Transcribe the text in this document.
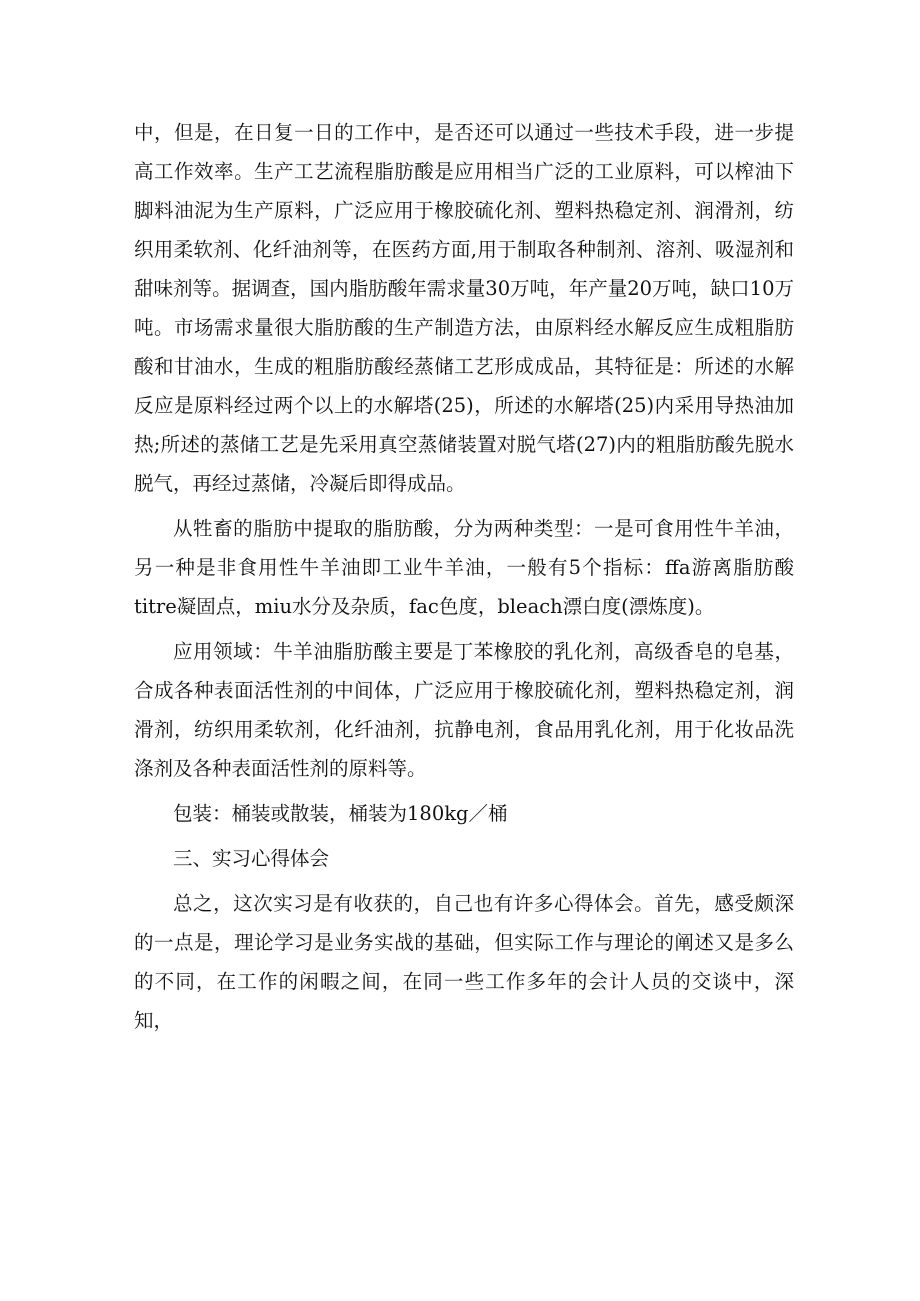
中，但是，在日复一日的工作中，是否还可以通过一些技术手段，进一步提高工作效率。生产工艺流程脂肪酸是应用相当广泛的工业原料，可以榨油下脚料油泥为生产原料，广泛应用于橡胶硫化剂、塑料热稳定剂、润滑剂，纺织用柔软剂、化纤油剂等，在医药方面,用于制取各种制剂、溶剂、吸湿剂和甜味剂等。据调查，国内脂肪酸年需求量30万吨，年产量20万吨，缺口10万吨。市场需求量很大脂肪酸的生产制造方法，由原料经水解反应生成粗脂肪酸和甘油水，生成的粗脂肪酸经蒸储工艺形成成品，其特征是：所述的水解反应是原料经过两个以上的水解塔(25)，所述的水解塔(25)内采用导热油加热;所述的蒸储工艺是先采用真空蒸储装置对脱气塔(27)内的粗脂肪酸先脱水脱气，再经过蒸储，冷凝后即得成品。

从牲畜的脂肪中提取的脂肪酸，分为两种类型：一是可食用性牛羊油，另一种是非食用性牛羊油即工业牛羊油，一般有5个指标：ffa游离脂肪酸titre凝固点，miu水分及杂质，fac色度，bleach漂白度(漂炼度)。

应用领域：牛羊油脂肪酸主要是丁苯橡胶的乳化剂，高级香皂的皂基，合成各种表面活性剂的中间体，广泛应用于橡胶硫化剂，塑料热稳定剂，润滑剂，纺织用柔软剂，化纤油剂，抗静电剂，食品用乳化剂，用于化妆品洗涤剂及各种表面活性剂的原料等。

包装：桶装或散装，桶装为180kg／桶

三、实习心得体会

总之，这次实习是有收获的，自己也有许多心得体会。首先，感受颇深的一点是，理论学习是业务实战的基础，但实际工作与理论的阐述又是多么的不同，在工作的闲暇之间，在同一些工作多年的会计人员的交谈中，深知，
